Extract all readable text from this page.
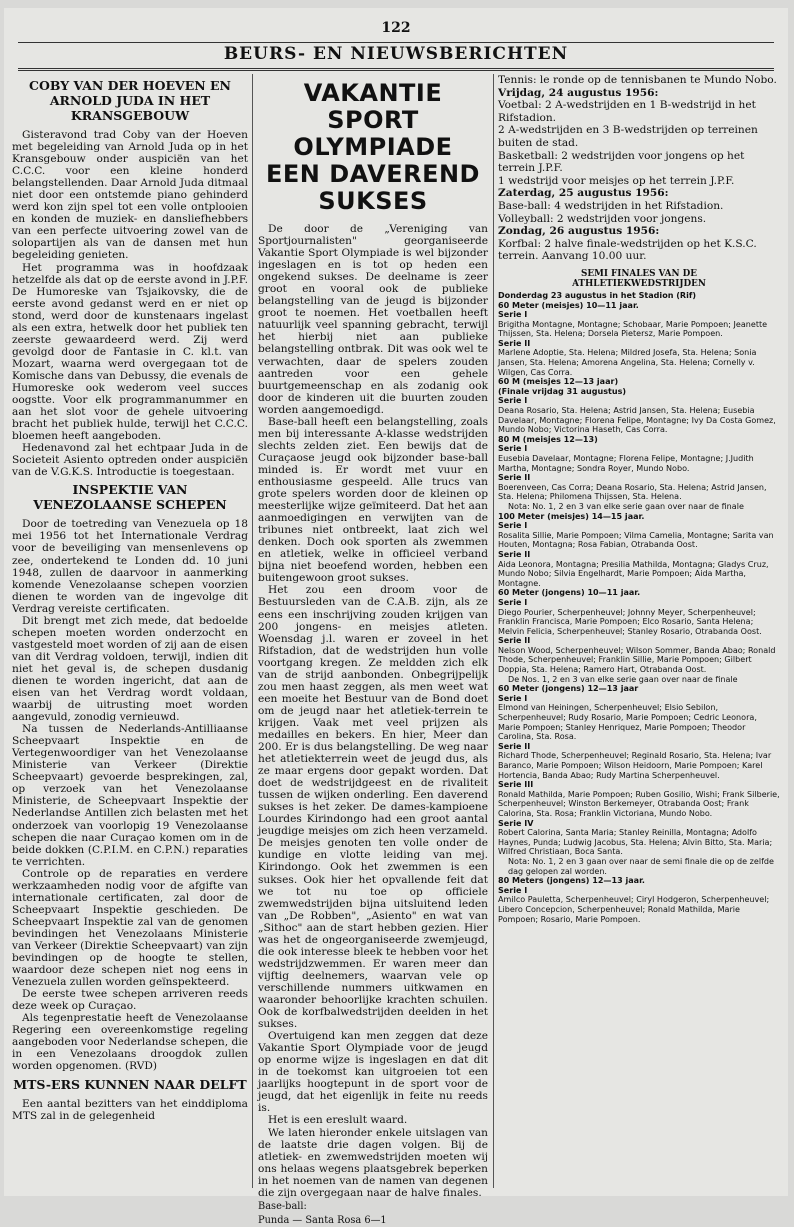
122
BEURS- EN NIEUWSBERICHTEN
COBY VAN DER HOEVEN EN ARNOLD JUDA IN HET KRANSGEBOUW

Gisteravond trad Coby van der Hoeven met begeleiding van Arnold Juda op in het Kransgebouw onder auspiciën van het C.C.C. voor een kleine honderd belangstellenden. Daar Arnold Juda ditmaal niet door een ontstemde piano gehinderd werd kon zijn spel tot een volle ontplooien en konden de muziek- en dansliefhebbers van een perfecte uitvoering zowel van de solopartijen als van de dansen met hun begeleiding genieten.

Het programma was in hoofdzaak hetzelfde als dat op de eerste avond in J.P.F. De Humoreske van Tsjaikovsky, die de eerste avond gedanst werd en er niet op stond, werd door de kunstenaars ingelast als een extra, hetwelk door het publiek ten zeerste gewaardeerd werd. Zij werd gevolgd door de Fantasie in C. kl.t. van Mozart, waarna werd overgegaan tot de Komische dans van Debussy, die evenals de Humoreske ook wederom veel succes oogstte. Voor elk programmanummer en aan het slot voor de gehele uitvoering bracht het publiek hulde, terwijl het C.C.C. bloemen heeft aangeboden.

Hedenavond zal het echtpaar Juda in de Societeit Asiento optreden onder auspiciën van de V.G.K.S. Introductie is toegestaan.

INSPEKTIE VAN VENEZOLAANSE SCHEPEN

Door de toetreding van Venezuela op 18 mei 1956 tot het Internationale Verdrag voor de beveiliging van mensenlevens op zee, ondertekend te Londen dd. 10 juni 1948, zullen de daarvoor in aanmerking komende Venezolaanse schepen voorzien dienen te worden van de ingevolge dit Verdrag vereiste certificaten.

Dit brengt met zich mede, dat bedoelde schepen moeten worden onderzocht en vastgesteld moet worden of zij aan de eisen van dit Verdrag voldoen, terwijl, indien dit niet het geval is, de schepen dusdanig dienen te worden ingericht, dat aan de eisen van het Verdrag wordt voldaan, waarbij de uitrusting moet worden aangevuld, zonodig vernieuwd.

Na tussen de Nederlands-Antilliaanse Scheepvaart Inspektie en de Vertegenwoordiger van het Venezolaanse Ministerie van Verkeer (Direktie Scheepvaart) gevoerde besprekingen, zal, op verzoek van het Venezolaanse Ministerie, de Scheepvaart Inspektie der Nederlandse Antillen zich belasten met het onderzoek van voorlopig 19 Venezolaanse schepen die naar Curaçao komen om in de beide dokken (C.P.I.M. en C.P.N.) reparaties te verrichten.

Controle op de reparaties en verdere werkzaamheden nodig voor de afgifte van internationale certificaten, zal door de Scheepvaart Inspektie geschieden. De Scheepvaart Inspektie zal van de genomen bevindingen het Venezolaans Ministerie van Verkeer (Direktie Scheepvaart) van zijn bevindingen op de hoogte te stellen, waardoor deze schepen niet nog eens in Venezuela zullen worden geïnspekteerd.

De eerste twee schepen arriveren reeds deze week op Curaçao.

Als tegenprestatie heeft de Venezolaanse Regering een overeenkomstige regeling aangeboden voor Nederlandse schepen, die in een Venezolaans droogdok zullen worden opgenomen. (RVD)

MTS-ERS KUNNEN NAAR DELFT

Een aantal bezitters van het einddiploma MTS zal in de gelegenheid

VAKANTIE SPORT OLYMPIADE
EEN DAVEREND SUKSES

De door de „Vereniging van Sportjournalisten" georganiseerde Vakantie Sport Olympiade is wel bijzonder ingeslagen en is tot op heden een ongekend sukses. De deelname is zeer groot en vooral ook de publieke belangstelling van de jeugd is bijzonder groot te noemen. Het voetballen heeft natuurlijk veel spanning gebracht, terwijl het hierbij niet aan publieke belangstelling ontbrak. Dit was ook wel te verwachten, daar de spelers zouden aantreden voor een gehele buurtgemeenschap en als zodanig ook door de kinderen uit die buurten zouden worden aangemoedigd.

Base-ball heeft een belangstelling, zoals men bij interessante A-klasse wedstrijden slechts zelden ziet. Een bewijs dat de Curaçaose jeugd ook bijzonder base-ball minded is. Er wordt met vuur en enthousiasme gespeeld. Alle trucs van grote spelers worden door de kleinen op meesterlijke wijze geïmiteerd. Dat het aan aanmoedigingen en verwijten van de tribunes niet ontbreekt, laat zich wel denken. Doch ook sporten als zwemmen en atletiek, welke in officieel verband bijna niet beoefend worden, hebben een buitengewoon groot sukses.

Het zou een droom voor de Bestuursleden van de C.A.B. zijn, als ze eens een inschrijving zouden krijgen van 200 jongens- en meisjes atleten. Woensdag j.l. waren er zoveel in het Rifstadion, dat de wedstrijden hun volle voortgang kregen. Ze meldden zich elk van de strijd aanbonden. Onbegrijpelijk zou men haast zeggen, als men weet wat een moeite het Bestuur van de Bond doet om de jeugd naar het atletiek-terrein te krijgen. Vaak met veel prijzen als medailles en bekers. En hier, Meer dan 200. Er is dus belangstelling. De weg naar het atletiekterrein weet de jeugd dus, als ze maar ergens door gepakt worden. Dat doet de wedstrijdgeest en de rivaliteit tussen de wijken onderling. Een daverend sukses is het zeker. De dames-kampioene Lourdes Kirindongo had een groot aantal jeugdige meisjes om zich heen verzameld. De meisjes genoten ten volle onder de kundige en vlotte leiding van mej. Kirindongo. Ook het zwemmen is een sukses. Ook hier het opvallende feit dat we tot nu toe op officiele zwemwedstrijden bijna uitsluitend leden van „De Robben", „Asiento" en wat van „Sithoc" aan de start hebben gezien. Hier was het de ongeorganiseerde zwemjeugd, die ook interesse bleek te hebben voor het wedstrijdzwemmen. Er waren meer dan vijftig deelnemers, waarvan vele op verschillende nummers uitkwamen en waaronder behoorlijke krachten schuilen. Ook de korfbalwedstrijden deelden in het sukses.

Overtuigend kan men zeggen dat deze Vakantie Sport Olympiade voor de jeugd op enorme wijze is ingeslagen en dat dit in de toekomst kan uitgroeien tot een jaarlijks hoogtepunt in de sport voor de jeugd, dat het eigenlijk in feite nu reeds is.

Het is een ereslult waard.

We laten hieronder enkele uitslagen van de laatste drie dagen volgen. Bij de atletiek- en zwemwedstrijden moeten wij ons helaas wegens plaatsgebrek beperken in het noemen van de namen van degenen die zijn overgegaan naar de halve finales.

Base-ball:
Punda — Santa Rosa 6—1

Tennis: le ronde op de tennisbanen te Mundo Nobo.

Vrijdag, 24 augustus 1956:

Voetbal: 2 A-wedstrijden en 1 B-wedstrijd in het Rifstadion.

2 A-wedstrijden en 3 B-wedstrijden op terreinen buiten de stad.

Basketball: 2 wedstrijden voor jongens op het terrein J.P.F.

1 wedstrijd voor meisjes op het terrein J.P.F.

Zaterdag, 25 augustus 1956:

Base-ball: 4 wedstrijden in het Rifstadion.

Volleyball: 2 wedstrijden voor jongens.

Zondag, 26 augustus 1956:

Korfbal: 2 halve finale-wedstrijden op het K.S.C. terrein. Aanvang 10.00 uur.

SEMI FINALES VAN DE
ATHLETIEKWEDSTRIJDEN

Donderdag 23 augustus in het Stadion (Rif)

60 Meter (meisjes) 10—11 jaar.

Serie I

Brigitha Montagne, Montagne; Schobaar, Marie Pompoen; Jeanette Thijssen, Sta. Helena; Dorsela Pietersz, Marie Pompoen.

Serie II

Marlene Adoptie, Sta. Helena; Mildred Josefa, Sta. Helena; Sonia Jansen, Sta. Helena; Amorena Angelina, Sta. Helena; Cornelly v. Wilgen, Cas Corra.

60 M (meisjes 12—13 jaar)

(Finale vrijdag 31 augustus)

Serie I

Deana Rosario, Sta. Helena; Astrid Jansen, Sta. Helena; Eusebia Davelaar, Montagne; Florena Felipe, Montagne; Ivy Da Costa Gomez, Mundo Nobo; Victorina Haseth, Cas Corra.

80 M (meisjes 12—13)

Serie I

Eusebia Davelaar, Montagne; Florena Felipe, Montagne; J.Judith Martha, Montagne; Sondra Royer, Mundo Nobo.

Serie II

Boerenveen, Cas Corra; Deana Rosario, Sta. Helena; Astrid Jansen, Sta. Helena; Philomena Thijssen, Sta. Helena.

Nota: No. 1, 2 en 3 van elke serie gaan over naar de finale

100 Meter (meisjes) 14—15 jaar.

Serie I

Rosalita Sillie, Marie Pompoen; Vilma Camelia, Montagne; Sarita van Houten, Montagna; Rosa Fabian, Otrabanda Oost.

Serie II

Aida Leonora, Montagna; Presilia Mathilda, Montagna; Gladys Cruz, Mundo Nobo; Silvia Engelhardt, Marie Pompoen; Aida Martha, Montagne.

60 Meter (jongens) 10—11 jaar.

Serie I

Diego Pourier, Scherpenheuvel; Johnny Meyer, Scherpenheuvel; Franklin Francisca, Marie Pompoen; Elco Rosario, Santa Helena; Melvin Felicia, Scherpenheuvel; Stanley Rosario, Otrabanda Oost.

Serie II

Nelson Wood, Scherpenheuvel; Wilson Sommer, Banda Abao; Ronald Thode, Scherpenheuvel; Franklin Sillie, Marie Pompoen; Gilbert Doppia, Sta. Helena; Ramero Hart, Otrabanda Oost.

De Nos. 1, 2 en 3 van elke serie gaan over naar de finale

60 Meter (jongens) 12—13 jaar

Serie I

Elmond van Heiningen, Scherpenheuvel; Elsio Sebilon, Scherpenheuvel; Rudy Rosario, Marie Pompoen; Cedric Leonora, Marie Pompoen; Stanley Henriquez, Marie Pompoen; Theodor Carolina, Sta. Rosa.

Serie II

Richard Thode, Scherpenheuvel; Reginald Rosario, Sta. Helena; Ivar Baranco, Marie Pompoen; Wilson Heidoorn, Marie Pompoen; Karel Hortencia, Banda Abao; Rudy Martina Scherpenheuvel.

Serie III

Ronald Mathilda, Marie Pompoen; Ruben Gosilio, Wishi; Frank Silberie, Scherpenheuvel; Winston Berkemeyer, Otrabanda Oost; Frank Calorina, Sta. Rosa; Franklin Victoriana, Mundo Nobo.

Serie IV

Robert Calorina, Santa Maria; Stanley Reinilla, Montagna; Adolfo Haynes, Punda; Ludwig Jacobus, Sta. Helena; Alvin Bitto, Sta. Maria; Wilfred Christiaan, Boca Santa.

Nota: No. 1, 2 en 3 gaan over naar de semi finale die op de zelfde dag gelopen zal worden.

80 Meters (jongens) 12—13 jaar.

Serie I

Amilco Pauletta, Scherpenheuvel; Ciryl Hodgeron, Scherpenheuvel; Libero Concepcion, Scherpenheuvel; Ronald Mathilda, Marie Pompoen; Rosario, Marie Pompoen.
